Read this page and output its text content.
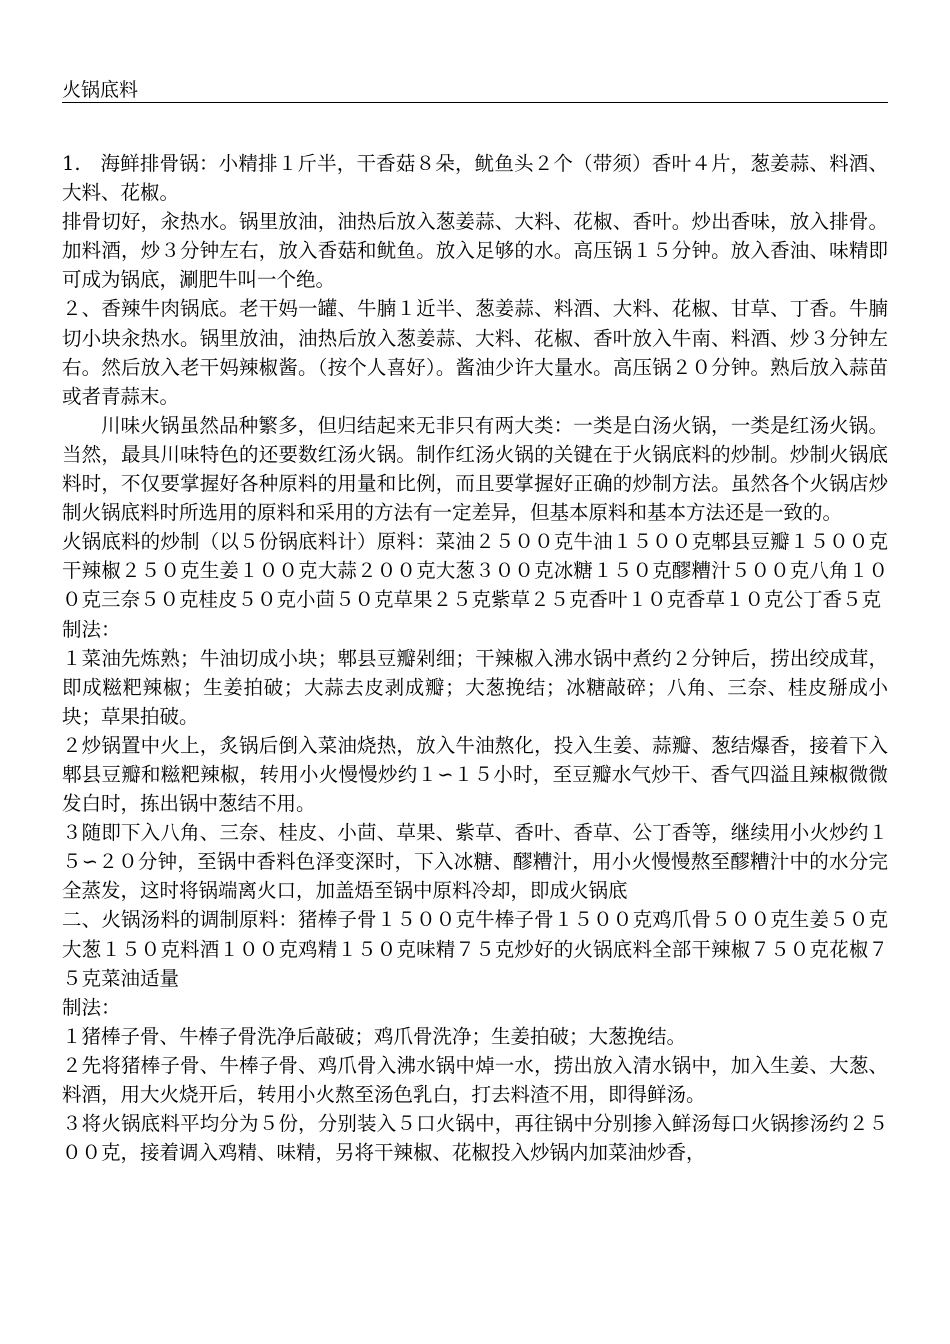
火锅底料

1.　海鲜排骨锅：小精排１斤半，干香菇８朵，鱿鱼头２个（带须）香叶４片，葱姜蒜、料酒、大料、花椒。

排骨切好，汆热水。锅里放油，油热后放入葱姜蒜、大料、花椒、香叶。炒出香味，放入排骨。加料酒，炒３分钟左右，放入香菇和鱿鱼。放入足够的水。高压锅１５分钟。放入香油、味精即可成为锅底，涮肥牛叫一个绝。

２、香辣牛肉锅底。老干妈一罐、牛腩１近半、葱姜蒜、料酒、大料、花椒、甘草、丁香。牛腩切小块汆热水。锅里放油，油热后放入葱姜蒜、大料、花椒、香叶放入牛南、料酒、炒３分钟左右。然后放入老干妈辣椒酱。（按个人喜好）。酱油少许大量水。高压锅２０分钟。熟后放入蒜苗或者青蒜末。

川味火锅虽然品种繁多，但归结起来无非只有两大类：一类是白汤火锅，一类是红汤火锅。当然，最具川味特色的还要数红汤火锅。制作红汤火锅的关键在于火锅底料的炒制。炒制火锅底料时，不仅要掌握好各种原料的用量和比例，而且要掌握好正确的炒制方法。虽然各个火锅店炒制火锅底料时所选用的原料和采用的方法有一定差异，但基本原料和基本方法还是一致的。

火锅底料的炒制（以５份锅底料计）原料：菜油２５００克牛油１５００克郫县豆瓣１５００克干辣椒２５０克生姜１００克大蒜２００克大葱３００克冰糖１５０克醪糟汁５００克八角１００克三奈５０克桂皮５０克小茴５０克草果２５克紫草２５克香叶１０克香草１０克公丁香５克

制法：

１菜油先炼熟；牛油切成小块；郫县豆瓣剁细；干辣椒入沸水锅中煮约２分钟后，捞出绞成茸，即成糍粑辣椒；生姜拍破；大蒜去皮剥成瓣；大葱挽结；冰糖敲碎；八角、三奈、桂皮掰成小块；草果拍破。

２炒锅置中火上，炙锅后倒入菜油烧热，放入牛油熬化，投入生姜、蒜瓣、葱结爆香，接着下入郫县豆瓣和糍粑辣椒，转用小火慢慢炒约１∽１５小时，至豆瓣水气炒干、香气四溢且辣椒微微发白时，拣出锅中葱结不用。

３随即下入八角、三奈、桂皮、小茴、草果、紫草、香叶、香草、公丁香等，继续用小火炒约１５∽２０分钟，至锅中香料色泽变深时，下入冰糖、醪糟汁，用小火慢慢熬至醪糟汁中的水分完全蒸发，这时将锅端离火口，加盖焐至锅中原料冷却，即成火锅底

二、火锅汤料的调制原料：猪棒子骨１５００克牛棒子骨１５００克鸡爪骨５００克生姜５０克大葱１５０克料酒１００克鸡精１５０克味精７５克炒好的火锅底料全部干辣椒７５０克花椒７５克菜油适量

制法：

１猪棒子骨、牛棒子骨洗净后敲破；鸡爪骨洗净；生姜拍破；大葱挽结。

２先将猪棒子骨、牛棒子骨、鸡爪骨入沸水锅中焯一水，捞出放入清水锅中，加入生姜、大葱、料酒，用大火烧开后，转用小火熬至汤色乳白，打去料渣不用，即得鲜汤。

３将火锅底料平均分为５份，分别装入５口火锅中，再往锅中分别掺入鲜汤每口火锅掺汤约２５００克，接着调入鸡精、味精，另将干辣椒、花椒投入炒锅内加菜油炒香，
